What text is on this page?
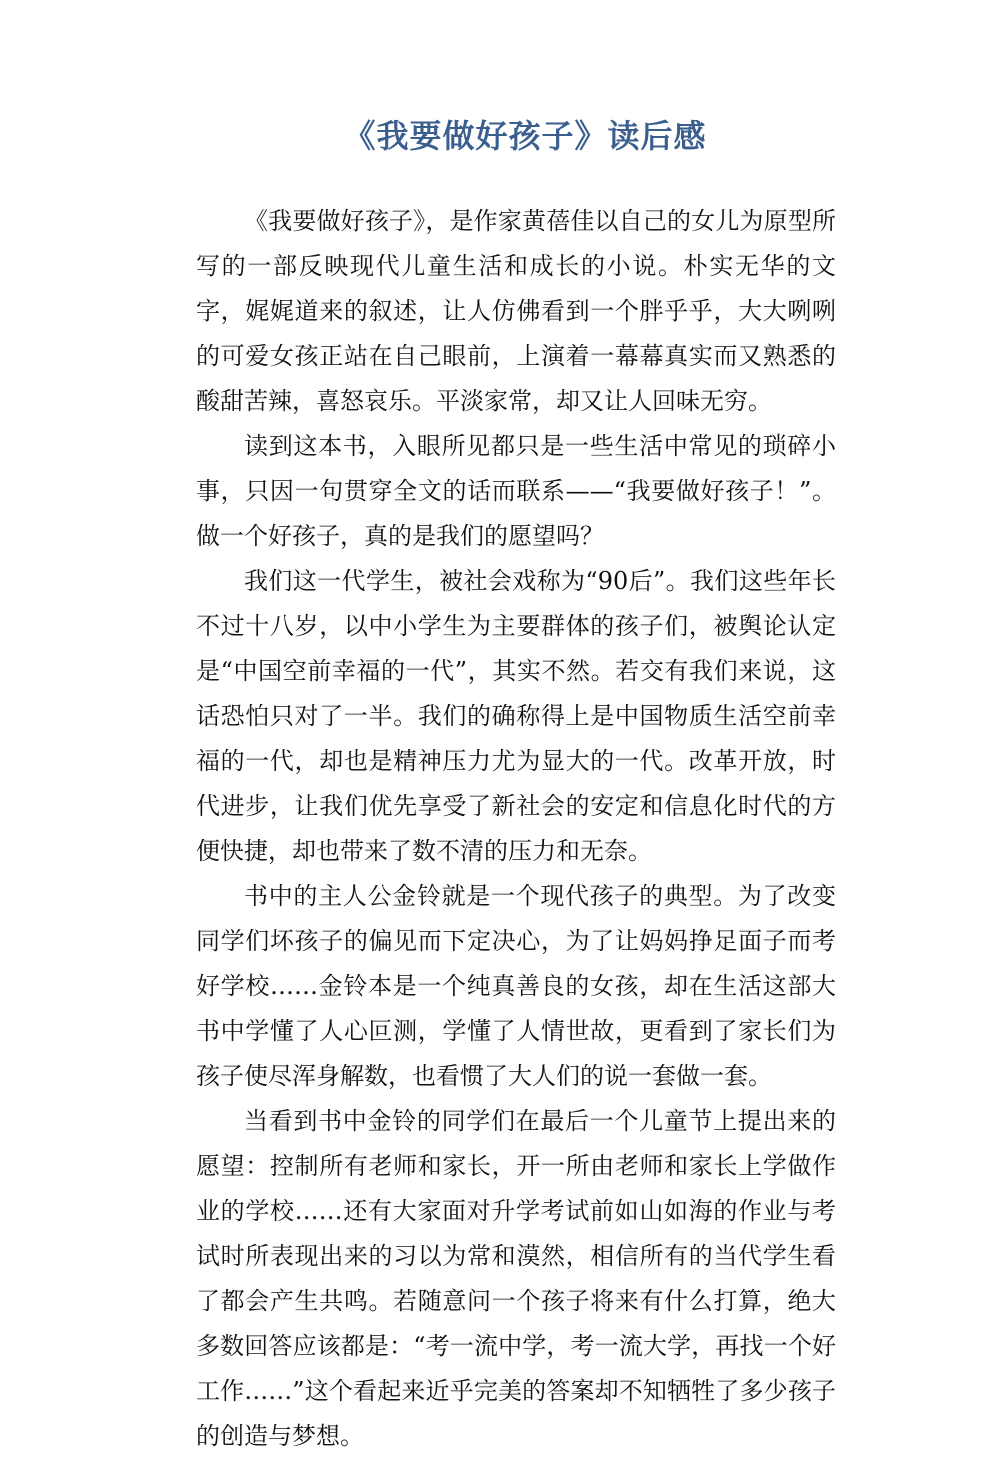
《我要做好孩子》读后感

《我要做好孩子》，是作家黄蓓佳以自己的女儿为原型所写的一部反映现代儿童生活和成长的小说。朴实无华的文字，娓娓道来的叙述，让人仿佛看到一个胖乎乎，大大咧咧的可爱女孩正站在自己眼前，上演着一幕幕真实而又熟悉的酸甜苦辣，喜怒哀乐。平淡家常，却又让人回味无穷。

读到这本书，入眼所见都只是一些生活中常见的琐碎小事，只因一句贯穿全文的话而联系——“我要做好孩子！”。做一个好孩子，真的是我们的愿望吗？

我们这一代学生，被社会戏称为“90后”。我们这些年长不过十八岁，以中小学生为主要群体的孩子们，被舆论认定是“中国空前幸福的一代”，其实不然。若交有我们来说，这话恐怕只对了一半。我们的确称得上是中国物质生活空前幸福的一代，却也是精神压力尤为显大的一代。改革开放，时代进步，让我们优先享受了新社会的安定和信息化时代的方便快捷，却也带来了数不清的压力和无奈。

书中的主人公金铃就是一个现代孩子的典型。为了改变同学们坏孩子的偏见而下定决心，为了让妈妈挣足面子而考好学校……金铃本是一个纯真善良的女孩，却在生活这部大书中学懂了人心叵测，学懂了人情世故，更看到了家长们为孩子使尽浑身解数，也看惯了大人们的说一套做一套。

当看到书中金铃的同学们在最后一个儿童节上提出来的愿望：控制所有老师和家长，开一所由老师和家长上学做作业的学校……还有大家面对升学考试前如山如海的作业与考试时所表现出来的习以为常和漠然，相信所有的当代学生看了都会产生共鸣。若随意问一个孩子将来有什么打算，绝大多数回答应该都是：“考一流中学，考一流大学，再找一个好工作……”这个看起来近乎完美的答案却不知牺牲了多少孩子的创造与梦想。
